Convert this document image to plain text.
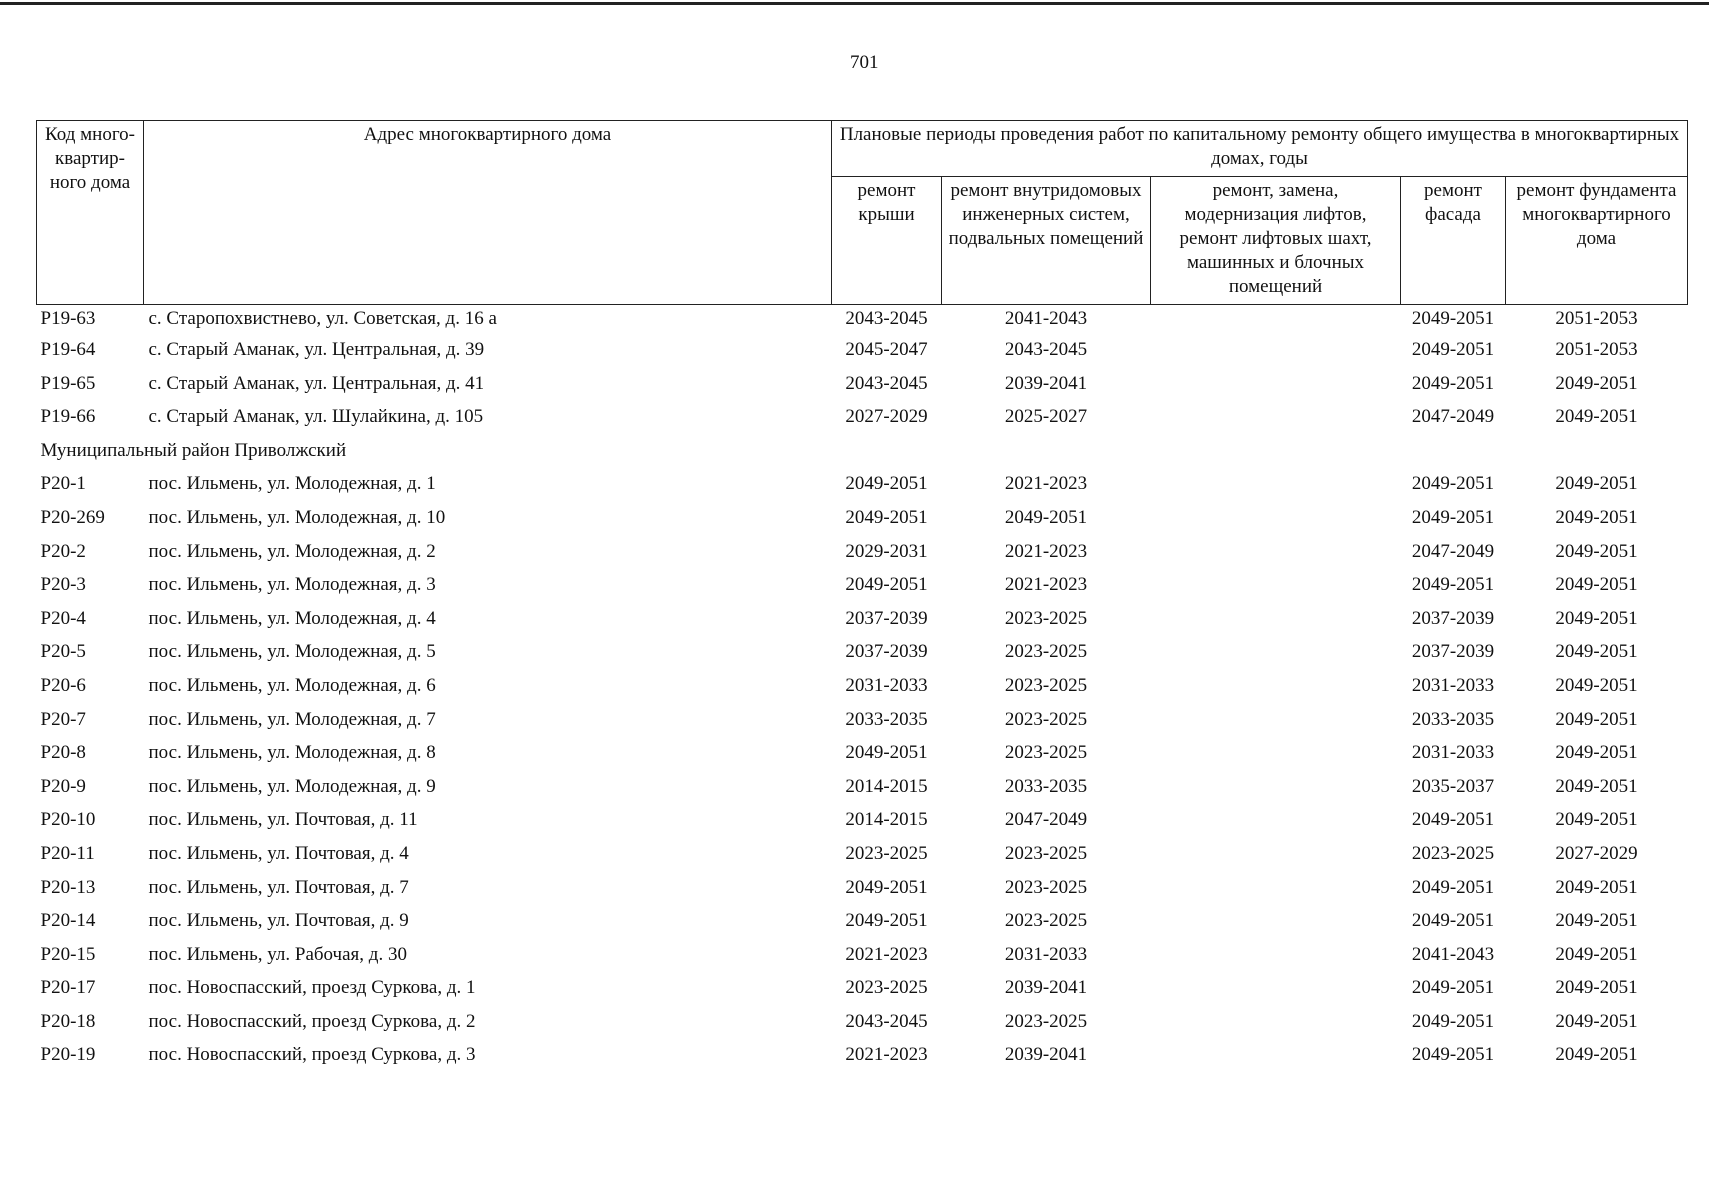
701
Код много-квартир-ного дома	Адрес многоквартирного дома	Плановые периоды проведения работ по капитальному ремонту общего имущества в многоквартирных домах, годы				
		ремонт крыши	ремонт внутридомовых инженерных систем, подвальных помещений	ремонт, замена, модернизация лифтов, ремонт лифтовых шахт, машинных и блочных помещений	ремонт фасада	ремонт фундамента многоквартирного дома
Р19-63	с. Старопохвистнево, ул. Советская, д. 16 а	2043-2045	2041-2043		2049-2051	2051-2053
Р19-64	с. Старый Аманак, ул. Центральная, д. 39	2045-2047	2043-2045		2049-2051	2051-2053
Р19-65	с. Старый Аманак, ул. Центральная, д. 41	2043-2045	2039-2041		2049-2051	2049-2051
Р19-66	с. Старый Аманак, ул. Шулайкина, д. 105	2027-2029	2025-2027		2047-2049	2049-2051
Муниципальный район Приволжский						
Р20-1	пос. Ильмень, ул. Молодежная, д. 1	2049-2051	2021-2023		2049-2051	2049-2051
Р20-269	пос. Ильмень, ул. Молодежная, д. 10	2049-2051	2049-2051		2049-2051	2049-2051
Р20-2	пос. Ильмень, ул. Молодежная, д. 2	2029-2031	2021-2023		2047-2049	2049-2051
Р20-3	пос. Ильмень, ул. Молодежная, д. 3	2049-2051	2021-2023		2049-2051	2049-2051
Р20-4	пос. Ильмень, ул. Молодежная, д. 4	2037-2039	2023-2025		2037-2039	2049-2051
Р20-5	пос. Ильмень, ул. Молодежная, д. 5	2037-2039	2023-2025		2037-2039	2049-2051
Р20-6	пос. Ильмень, ул. Молодежная, д. 6	2031-2033	2023-2025		2031-2033	2049-2051
Р20-7	пос. Ильмень, ул. Молодежная, д. 7	2033-2035	2023-2025		2033-2035	2049-2051
Р20-8	пос. Ильмень, ул. Молодежная, д. 8	2049-2051	2023-2025		2031-2033	2049-2051
Р20-9	пос. Ильмень, ул. Молодежная, д. 9	2014-2015	2033-2035		2035-2037	2049-2051
Р20-10	пос. Ильмень, ул. Почтовая, д. 11	2014-2015	2047-2049		2049-2051	2049-2051
Р20-11	пос. Ильмень, ул. Почтовая, д. 4	2023-2025	2023-2025		2023-2025	2027-2029
Р20-13	пос. Ильмень, ул. Почтовая, д. 7	2049-2051	2023-2025		2049-2051	2049-2051
Р20-14	пос. Ильмень, ул. Почтовая, д. 9	2049-2051	2023-2025		2049-2051	2049-2051
Р20-15	пос. Ильмень, ул. Рабочая, д. 30	2021-2023	2031-2033		2041-2043	2049-2051
Р20-17	пос. Новоспасский, проезд Суркова, д. 1	2023-2025	2039-2041		2049-2051	2049-2051
Р20-18	пос. Новоспасский, проезд Суркова, д. 2	2043-2045	2023-2025		2049-2051	2049-2051
Р20-19	пос. Новоспасский, проезд Суркова, д. 3	2021-2023	2039-2041		2049-2051	2049-2051
